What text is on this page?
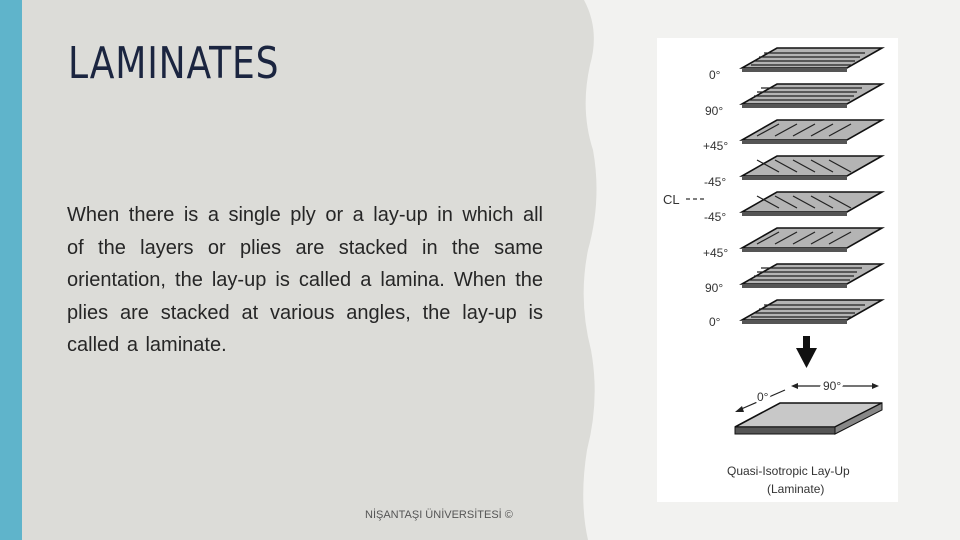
LAMINATES

When there is a single ply or a lay-up in which all of the layers or plies are stacked in the same orientation, the lay-up is called a lamina. When the plies are stacked at various angles, the lay-up is called a laminate.

NİŞANTAŞI ÜNİVERSİTESİ ©
0°
90°
+45°
-45°
-45°
+45°
90°
0°
CL
90°
0°
Quasi-Isotropic Lay-Up
(Laminate)
